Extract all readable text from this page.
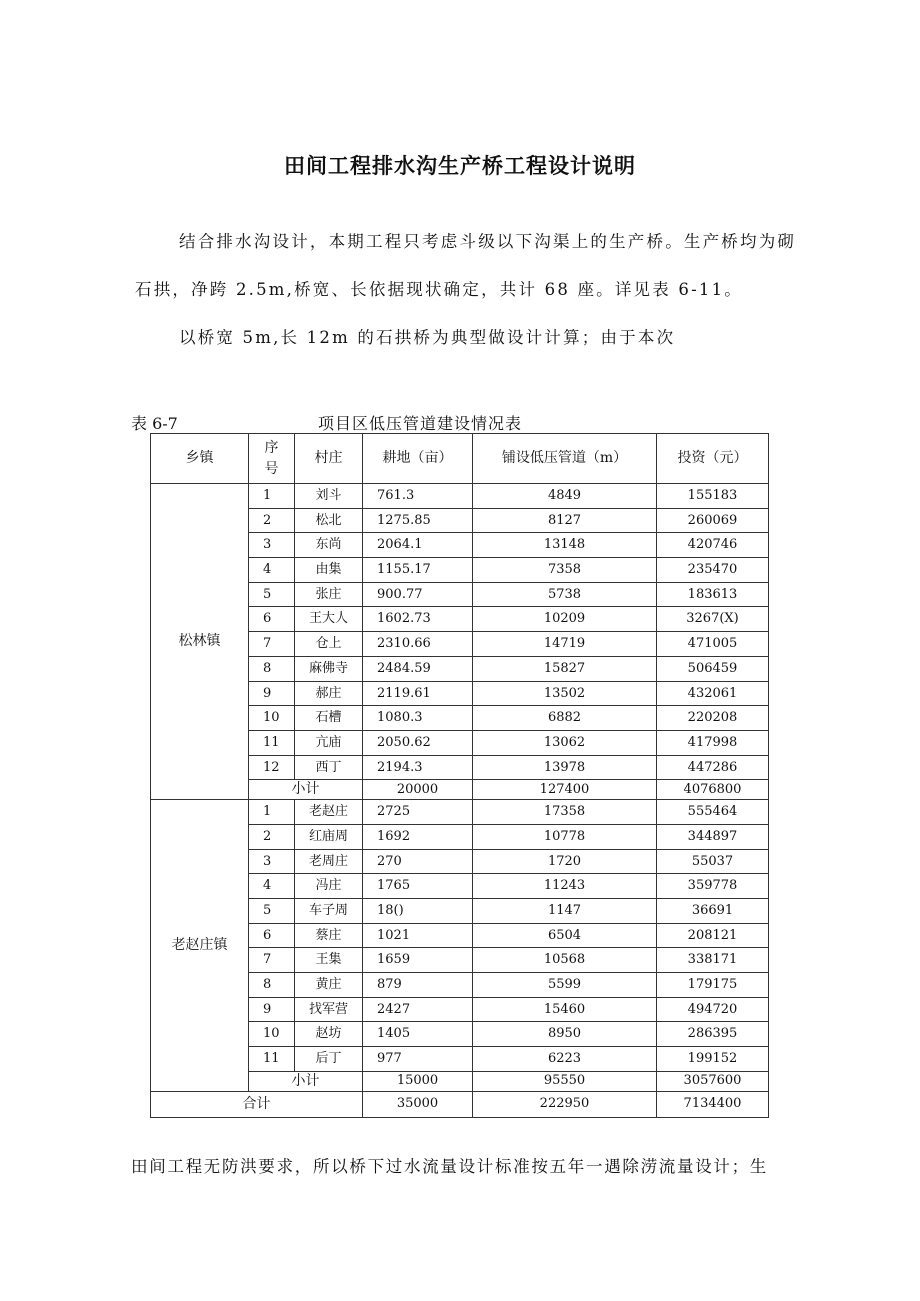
田间工程排水沟生产桥工程设计说明
结合排水沟设计，本期工程只考虑斗级以下沟渠上的生产桥。生产桥均为砌
石拱，净跨 2.5m,桥宽、长依据现状确定，共计 68 座。详见表 6-11。
以桥宽 5m,长 12m 的石拱桥为典型做设计计算；由于本次
表 6-7	项目区低压管道建设情况表
乡镇	序号	村庄	耕地（亩）	铺设低压管道（m）	投资（元）
松林镇	1	刘斗	761.3	4849	155183
	2	松北	1275.85	8127	260069
	3	东尚	2064.1	13148	420746
	4	由集	1155.17	7358	235470
	5	张庄	900.77	5738	183613
	6	王大人	1602.73	10209	3267(X)
	7	仓上	2310.66	14719	471005
	8	麻佛寺	2484.59	15827	506459
	9	郝庄	2119.61	13502	432061
	10	石槽	1080.3	6882	220208
	11	亢庙	2050.62	13062	417998
	12	西丁	2194.3	13978	447286
	小计		20000	127400	4076800
老赵庄镇	1	老赵庄	2725	17358	555464
	2	红庙周	1692	10778	344897
	3	老周庄	270	1720	55037
	4	冯庄	1765	11243	359778
	5	车子周	18()	1147	36691
	6	蔡庄	1021	6504	208121
	7	王集	1659	10568	338171
	8	黄庄	879	5599	179175
	9	找军营	2427	15460	494720
	10	赵坊	1405	8950	286395
	11	后丁	977	6223	199152
	小计		15000	95550	3057600
合计			35000	222950	7134400
田间工程无防洪要求，所以桥下过水流量设计标准按五年一遇除涝流量设计；生
